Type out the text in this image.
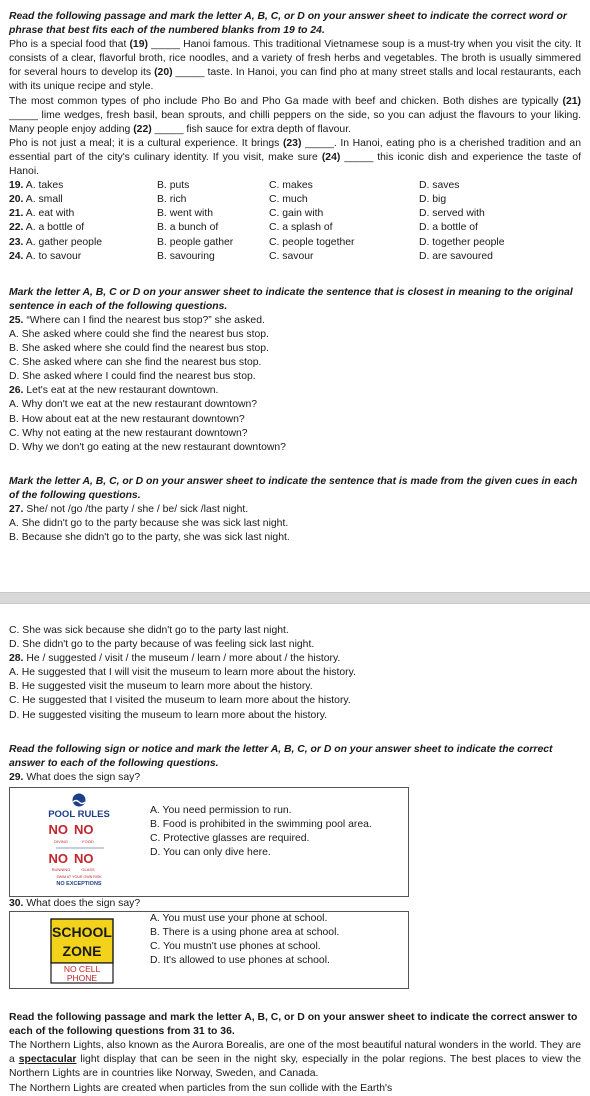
Read the following passage and mark the letter A, B, C, or D on your answer sheet to indicate the correct word or phrase that best fits each of the numbered blanks from 19 to 24.

Pho is a special food that (19) _____ Hanoi famous. This traditional Vietnamese soup is a must-try when you visit the city. It consists of a clear, flavorful broth, rice noodles, and a variety of fresh herbs and vegetables. The broth is usually simmered for several hours to develop its (20) _____ taste. In Hanoi, you can find pho at many street stalls and local restaurants, each with its unique recipe and style.

The most common types of pho include Pho Bo and Pho Ga made with beef and chicken. Both dishes are typically (21) _____ lime wedges, fresh basil, bean sprouts, and chilli peppers on the side, so you can adjust the flavours to your liking. Many people enjoy adding (22) _____ fish sauce for extra depth of flavour.

Pho is not just a meal; it is a cultural experience. It brings (23) _____. In Hanoi, eating pho is a cherished tradition and an essential part of the city's culinary identity. If you visit, make sure (24) _____ this iconic dish and experience the taste of Hanoi.

19. A. takes	B. puts	C. makes	D. saves
20. A. small	B. rich	C. much	D. big
21. A. eat with	B. went with	C. gain with	D. served with
22. A. a bottle of	B. a bunch of	C. a splash of	D. a bottle of
23. A. gather people	B. people gather	C. people together	D. together people
24. A. to savour	B. savouring	C. savour	D. are savoured

Mark the letter A, B, C or D on your answer sheet to indicate the sentence that is closest in meaning to the original sentence in each of the following questions.

25. “Where can I find the nearest bus stop?” she asked.

A. She asked where could she find the nearest bus stop.

B. She asked where she could find the nearest bus stop.

C. She asked where can she find the nearest bus stop.

D. She asked where I could find the nearest bus stop.

26. Let's eat at the new restaurant downtown.

A. Why don't we eat at the new restaurant downtown?

B. How about eat at the new restaurant downtown?

C. Why not eating at the new restaurant downtown?

D. Why we don't go eating at the new restaurant downtown?

Mark the letter A, B, C, or D on your answer sheet to indicate the sentence that is made from the given cues in each of the following questions.

27. She/ not /go /the party / she / be/ sick /last night.

A. She didn't go to the party because she was sick last night.

B. Because she didn't go to the party, she was sick last night.

C. She was sick because she didn't go to the party last night.

D. She didn't go to the party because of was feeling sick last night.

28. He / suggested / visit / the museum / learn / more about / the history.

A. He suggested that I will visit the museum to learn more about the history.

B. He suggested visit the museum to learn more about the history.

C. He suggested that I visited the museum to learn more about the history.

D. He suggested visiting the museum to learn more about the history.

Read the following sign or notice and mark the letter A, B, C, or D on your answer sheet to indicate the correct answer to each of the following questions.

29. What does the sign say?

POOL RULES
NO
DIVING
NO
FOOD
NO
RUNNING
NO
GLASS
SWIM AT YOUR OWN RISK
NO EXCEPTIONS

A. You need permission to run.

B. Food is prohibited in the swimming pool area.

C. Protective glasses are required.

D. You can only dive here.

30. What does the sign say?

SCHOOL
ZONE
NO CELL
PHONE

A. You must use your phone at school.

B. There is a using phone area at school.

C. You mustn't use phones at school.

D. It's allowed to use phones at school.

Read the following passage and mark the letter A, B, C, or D on your answer sheet to indicate the correct answer to each of the following questions from 31 to 36.

The Northern Lights, also known as the Aurora Borealis, are one of the most beautiful natural wonders in the world. They are a spectacular light display that can be seen in the night sky, especially in the polar regions. The best places to view the Northern Lights are in countries like Norway, Sweden, and Canada.

The Northern Lights are created when particles from the sun collide with the Earth's
